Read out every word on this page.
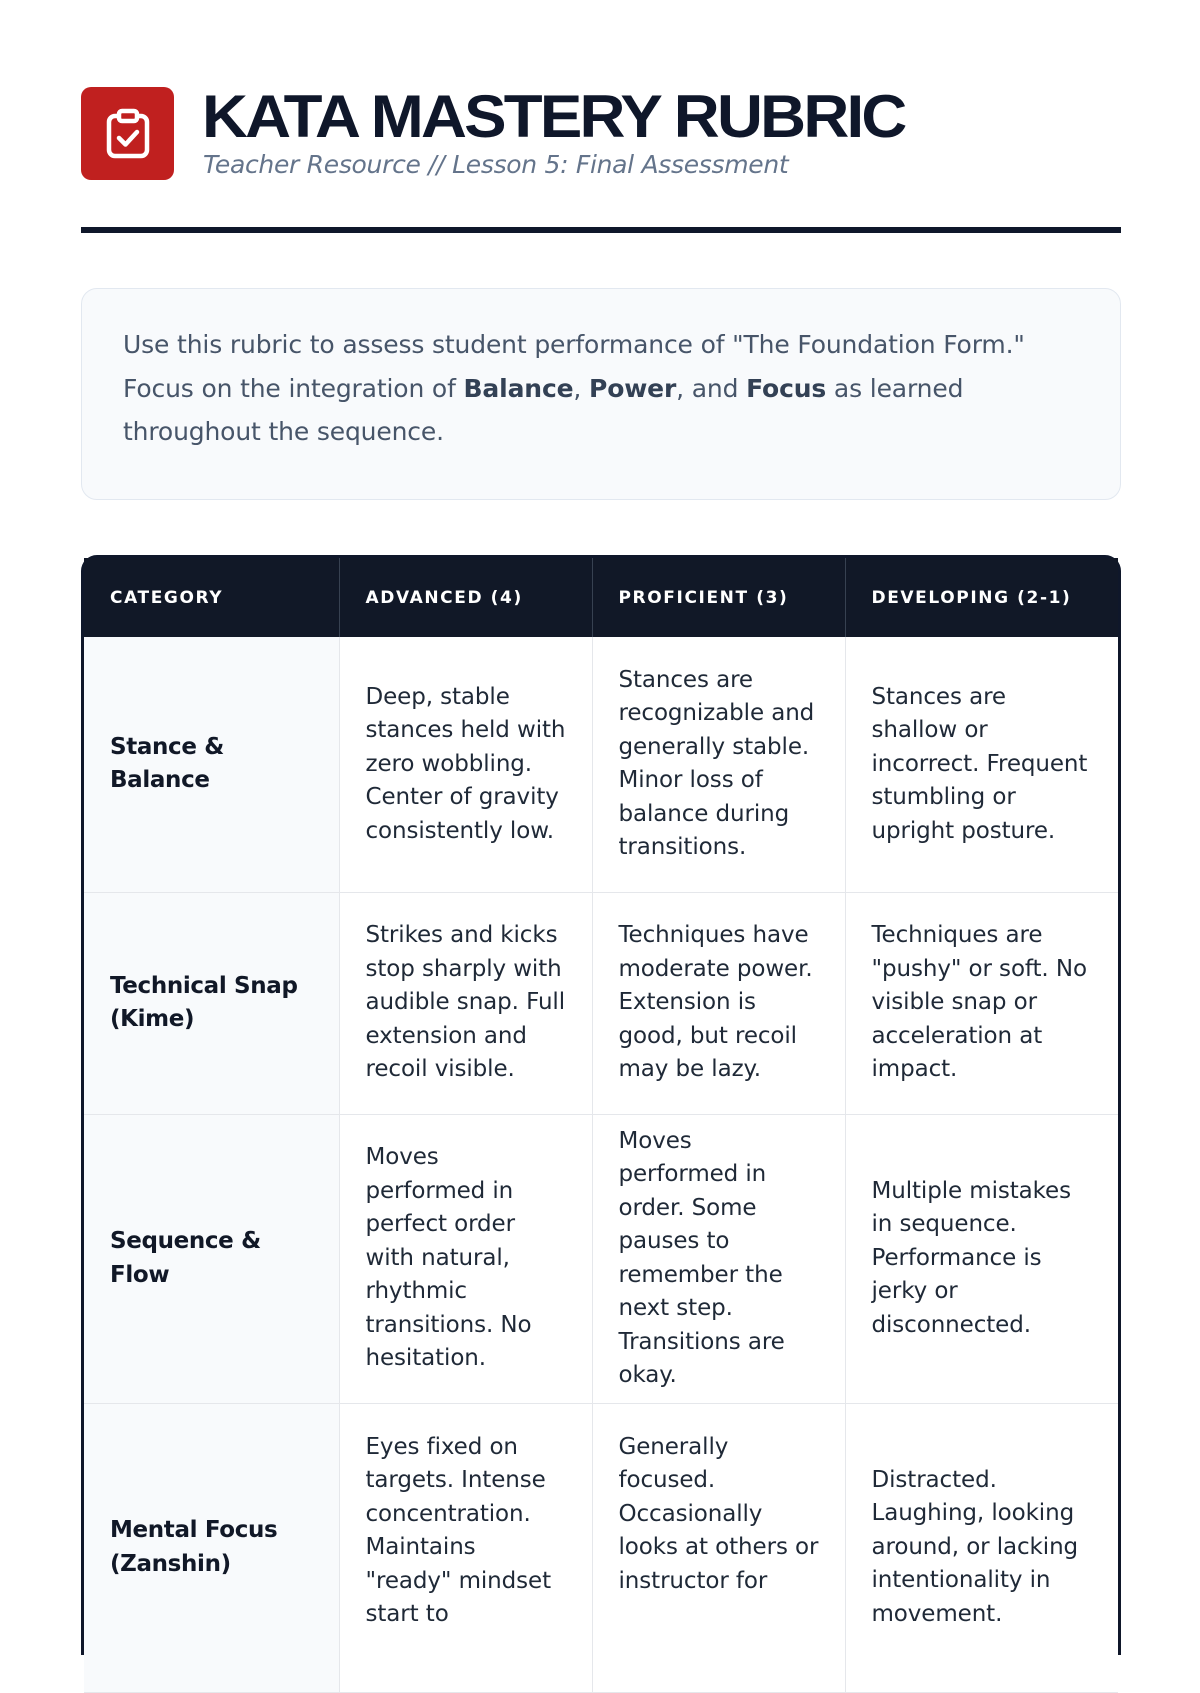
KATA MASTERY RUBRIC

Teacher Resource // Lesson 5: Final Assessment

Use this rubric to assess student performance of "The Foundation Form." Focus on the integration of Balance, Power, and Focus as learned throughout the sequence.

CATEGORY	ADVANCED (4)	PROFICIENT (3)	DEVELOPING (2-1)
Stance & Balance	Deep, stable stances held with zero wobbling. Center of gravity consistently low.	Stances are recognizable and generally stable. Minor loss of balance during transitions.	Stances are shallow or incorrect. Frequent stumbling or upright posture.
Technical Snap (Kime)	Strikes and kicks stop sharply with audible snap. Full extension and recoil visible.	Techniques have moderate power. Extension is good, but recoil may be lazy.	Techniques are "pushy" or soft. No visible snap or acceleration at impact.
Sequence & Flow	Moves performed in perfect order with natural, rhythmic transitions. No hesitation.	Moves performed in order. Some pauses to remember the next step. Transitions are okay.	Multiple mistakes in sequence. Performance is jerky or disconnected.
Mental Focus (Zanshin)	Eyes fixed on targets. Intense concentration. Maintains "ready" mindset start to	Generally focused. Occasionally looks at others or instructor for	Distracted. Laughing, looking around, or lacking intentionality in movement.
